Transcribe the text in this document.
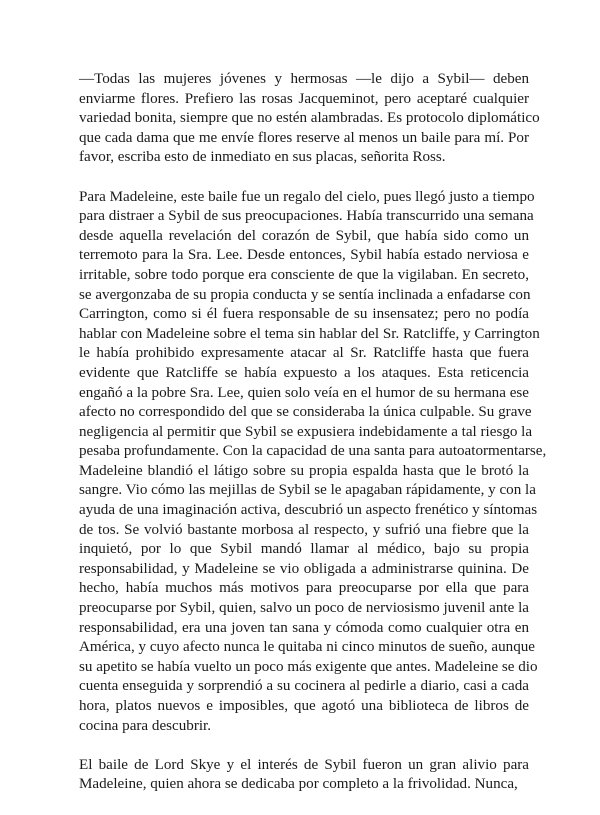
—Todas las mujeres jóvenes y hermosas —le dijo a Sybil— deben
enviarme flores. Prefiero las rosas Jacqueminot, pero aceptaré cualquier
variedad bonita, siempre que no estén alambradas. Es protocolo diplomático
que cada dama que me envíe flores reserve al menos un baile para mí. Por
favor, escriba esto de inmediato en sus placas, señorita Ross.
Para Madeleine, este baile fue un regalo del cielo, pues llegó justo a tiempo
para distraer a Sybil de sus preocupaciones. Había transcurrido una semana
desde aquella revelación del corazón de Sybil, que había sido como un
terremoto para la Sra. Lee. Desde entonces, Sybil había estado nerviosa e
irritable, sobre todo porque era consciente de que la vigilaban. En secreto,
se avergonzaba de su propia conducta y se sentía inclinada a enfadarse con
Carrington, como si él fuera responsable de su insensatez; pero no podía
hablar con Madeleine sobre el tema sin hablar del Sr. Ratcliffe, y Carrington
le había prohibido expresamente atacar al Sr. Ratcliffe hasta que fuera
evidente que Ratcliffe se había expuesto a los ataques. Esta reticencia
engañó a la pobre Sra. Lee, quien solo veía en el humor de su hermana ese
afecto no correspondido del que se consideraba la única culpable. Su grave
negligencia al permitir que Sybil se expusiera indebidamente a tal riesgo la
pesaba profundamente. Con la capacidad de una santa para autoatormentarse,
Madeleine blandió el látigo sobre su propia espalda hasta que le brotó la
sangre. Vio cómo las mejillas de Sybil se le apagaban rápidamente, y con la
ayuda de una imaginación activa, descubrió un aspecto frenético y síntomas
de tos. Se volvió bastante morbosa al respecto, y sufrió una fiebre que la
inquietó, por lo que Sybil mandó llamar al médico, bajo su propia
responsabilidad, y Madeleine se vio obligada a administrarse quinina. De
hecho, había muchos más motivos para preocuparse por ella que para
preocuparse por Sybil, quien, salvo un poco de nerviosismo juvenil ante la
responsabilidad, era una joven tan sana y cómoda como cualquier otra en
América, y cuyo afecto nunca le quitaba ni cinco minutos de sueño, aunque
su apetito se había vuelto un poco más exigente que antes. Madeleine se dio
cuenta enseguida y sorprendió a su cocinera al pedirle a diario, casi a cada
hora, platos nuevos e imposibles, que agotó una biblioteca de libros de
cocina para descubrir.
El baile de Lord Skye y el interés de Sybil fueron un gran alivio para
Madeleine, quien ahora se dedicaba por completo a la frivolidad. Nunca,
